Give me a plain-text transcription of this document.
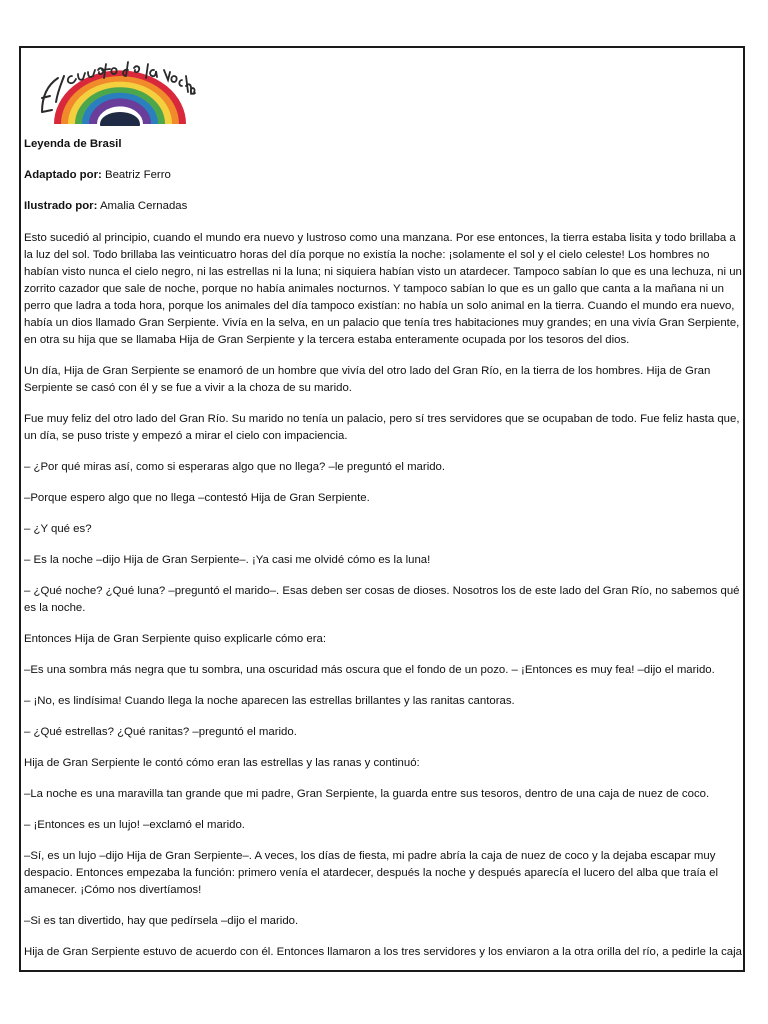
Leyenda de Brasil

Adaptado por: Beatriz Ferro

Ilustrado por: Amalia Cernadas

Esto sucedió al principio, cuando el mundo era nuevo y lustroso como una manzana. Por ese entonces, la tierra estaba lisita y todo brillaba a la luz del sol. Todo brillaba las veinticuatro horas del día porque no existía la noche: ¡solamente el sol y el cielo celeste! Los hombres no habían visto nunca el cielo negro, ni las estrellas ni la luna; ni siquiera habían visto un atardecer. Tampoco sabían lo que es una lechuza, ni un zorrito cazador que sale de noche, porque no había animales nocturnos. Y tampoco sabían lo que es un gallo que canta a la mañana ni un perro que ladra a toda hora, porque los animales del día tampoco existían: no había un solo animal en la tierra. Cuando el mundo era nuevo, había un dios llamado Gran Serpiente. Vivía en la selva, en un palacio que tenía tres habitaciones muy grandes; en una vivía Gran Serpiente, en otra su hija que se llamaba Hija de Gran Serpiente y la tercera estaba enteramente ocupada por los tesoros del dios.

Un día, Hija de Gran Serpiente se enamoró de un hombre que vivía del otro lado del Gran Río, en la tierra de los hombres. Hija de Gran Serpiente se casó con él y se fue a vivir a la choza de su marido.

Fue muy feliz del otro lado del Gran Río. Su marido no tenía un palacio, pero sí tres servidores que se ocupaban de todo. Fue feliz hasta que, un día, se puso triste y empezó a mirar el cielo con impaciencia.

– ¿Por qué miras así, como si esperaras algo que no llega? –le preguntó el marido.

–Porque espero algo que no llega –contestó Hija de Gran Serpiente.

– ¿Y qué es?

– Es la noche –dijo Hija de Gran Serpiente–. ¡Ya casi me olvidé cómo es la luna!

– ¿Qué noche? ¿Qué luna? –preguntó el marido–. Esas deben ser cosas de dioses. Nosotros los de este lado del Gran Río, no sabemos qué es la noche.

Entonces Hija de Gran Serpiente quiso explicarle cómo era:

–Es una sombra más negra que tu sombra, una oscuridad más oscura que el fondo de un pozo. – ¡Entonces es muy fea! –dijo el marido.

– ¡No, es lindísima! Cuando llega la noche aparecen las estrellas brillantes y las ranitas cantoras.

– ¿Qué estrellas? ¿Qué ranitas? –preguntó el marido.

Hija de Gran Serpiente le contó cómo eran las estrellas y las ranas y continuó:

–La noche es una maravilla tan grande que mi padre, Gran Serpiente, la guarda entre sus tesoros, dentro de una caja de nuez de coco.

– ¡Entonces es un lujo! –exclamó el marido.

–Sí, es un lujo –dijo Hija de Gran Serpiente–. A veces, los días de fiesta, mi padre abría la caja de nuez de coco y la dejaba escapar muy despacio. Entonces empezaba la función: primero venía el atardecer, después la noche y después aparecía el lucero del alba que traía el amanecer. ¡Cómo nos divertíamos!

–Si es tan divertido, hay que pedírsela –dijo el marido.

Hija de Gran Serpiente estuvo de acuerdo con él. Entonces llamaron a los tres servidores y los enviaron a la otra orilla del río, a pedirle la caja
